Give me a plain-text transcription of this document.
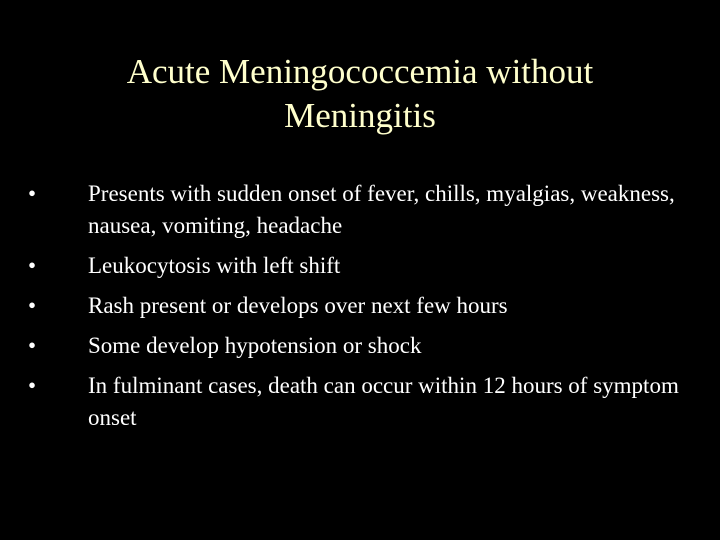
Acute Meningococcemia without
Meningitis
• Presents with sudden onset of fever, chills, myalgias, weakness, nausea, vomiting, headache
• Leukocytosis with left shift
• Rash present or develops over next few hours
• Some develop hypotension or shock
• In fulminant cases, death can occur within 12 hours of symptom onset
